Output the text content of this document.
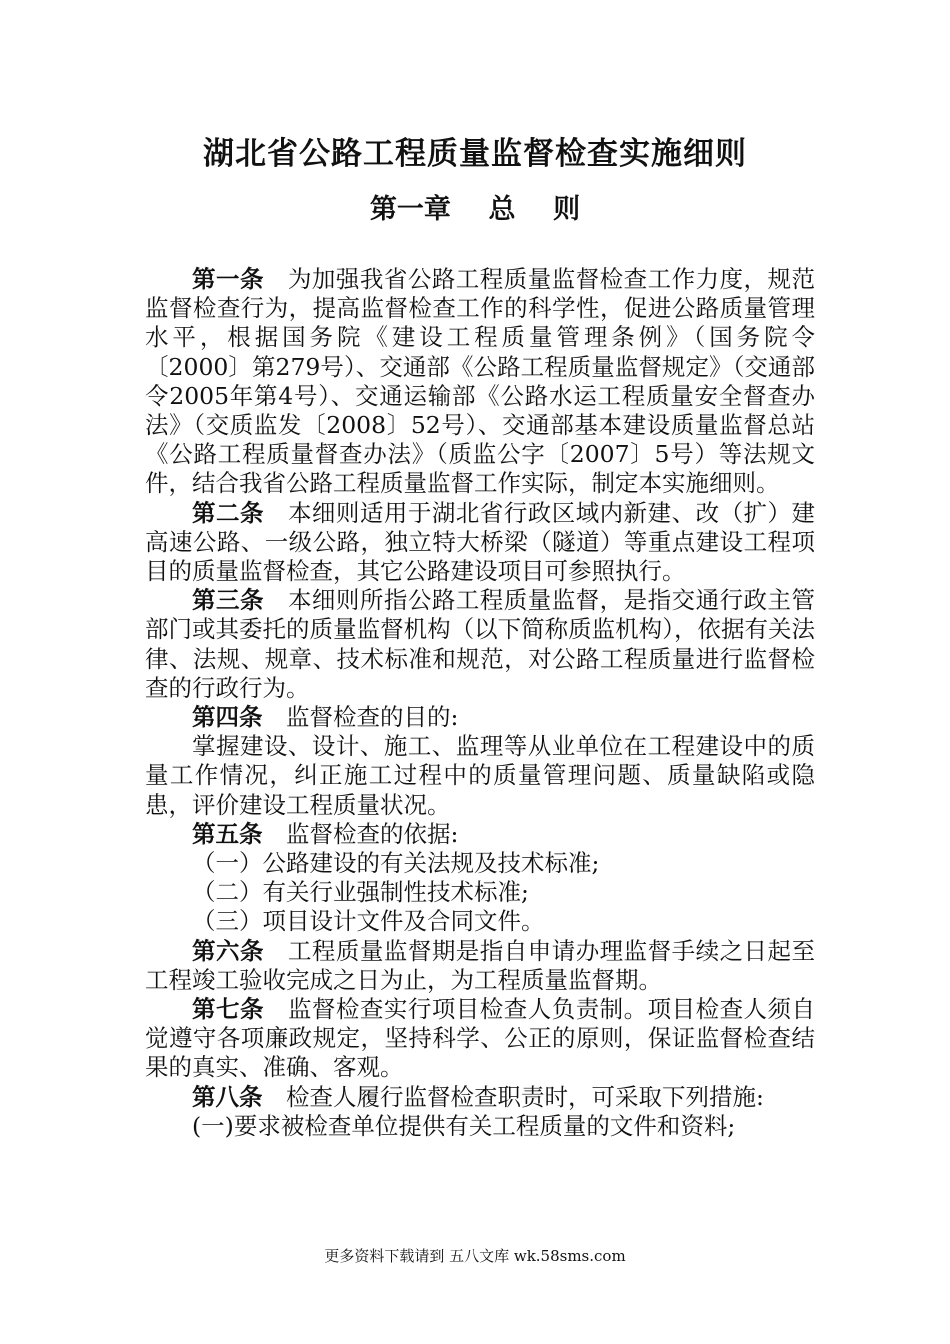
湖北省公路工程质量监督检查实施细则
第一章    总    则

第一条　 为加强我省公路工程质量监督检查工作力度，规范监督检查行为，提高监督检查工作的科学性，促进公路质量管理水平，根据国务院《建设工程质量管理条例》（国务院令〔2000〕第279号）、交通部《公路工程质量监督规定》（交通部令2005年第4号）、交通运输部《公路水运工程质量安全督查办法》（交质监发〔2008〕52号）、交通部基本建设质量监督总站《公路工程质量督查办法》（质监公字〔2007〕5号）等法规文件，结合我省公路工程质量监督工作实际，制定本实施细则。

第二条　 本细则适用于湖北省行政区域内新建、改（扩）建高速公路、一级公路，独立特大桥梁（隧道）等重点建设工程项目的质量监督检查，其它公路建设项目可参照执行。

第三条　 本细则所指公路工程质量监督，是指交通行政主管部门或其委托的质量监督机构（以下简称质监机构），依据有关法律、法规、规章、技术标准和规范，对公路工程质量进行监督检查的行政行为。

第四条　 监督检查的目的:

掌握建设、设计、施工、监理等从业单位在工程建设中的质量工作情况，纠正施工过程中的质量管理问题、质量缺陷或隐患，评价建设工程质量状况。

第五条　 监督检查的依据:

（一）公路建设的有关法规及技术标准;

（二）有关行业强制性技术标准;

（三）项目设计文件及合同文件。

第六条　 工程质量监督期是指自申请办理监督手续之日起至工程竣工验收完成之日为止，为工程质量监督期。

第七条　 监督检查实行项目检查人负责制。项目检查人须自觉遵守各项廉政规定，坚持科学、公正的原则，保证监督检查结果的真实、准确、客观。

第八条　 检查人履行监督检查职责时，可采取下列措施:

(一)要求被检查单位提供有关工程质量的文件和资料;

更多资料下载请到 五八文库 wk.58sms.com
